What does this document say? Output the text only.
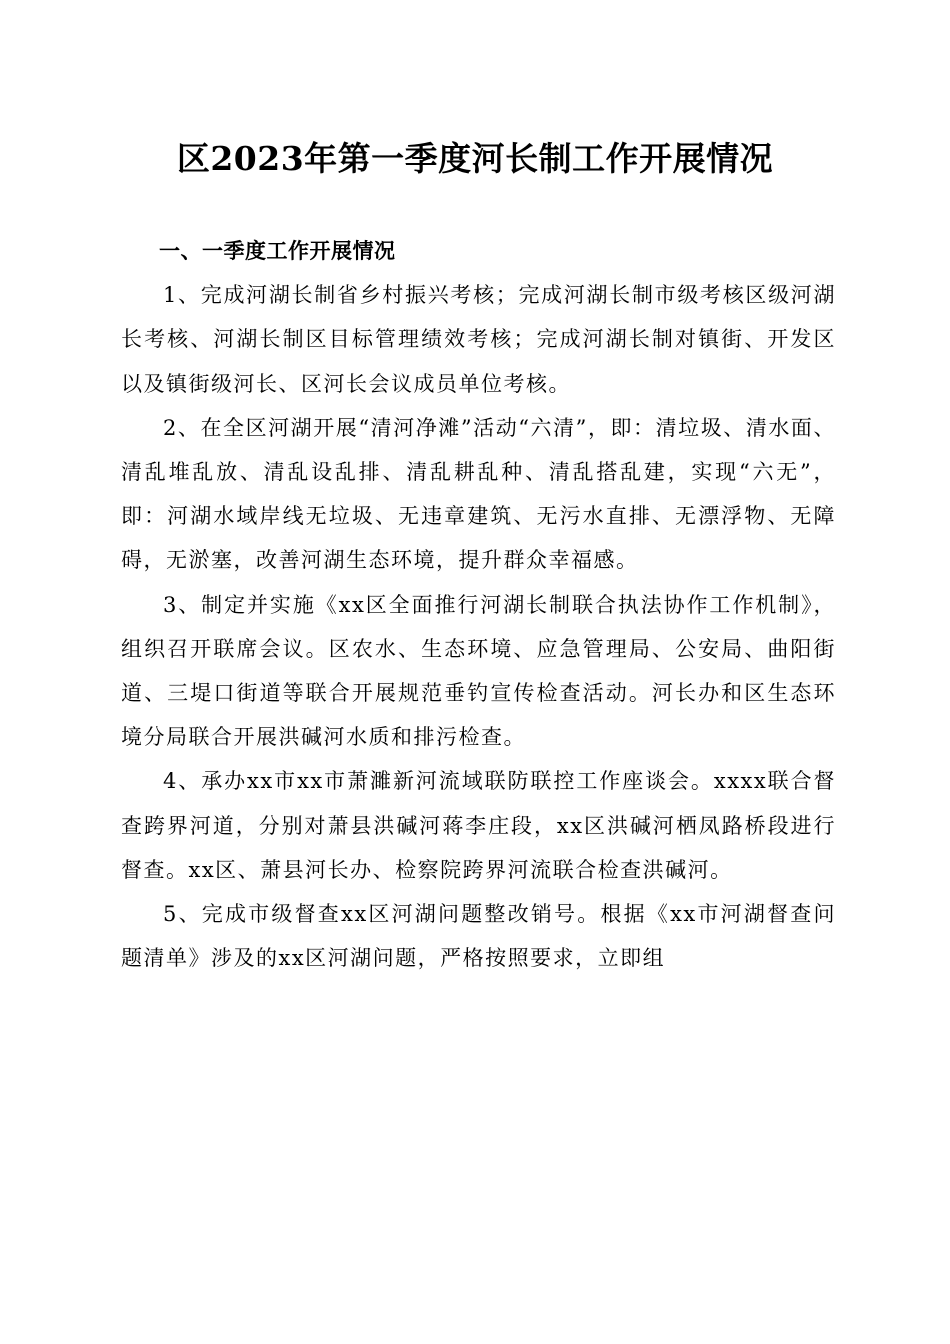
区2023年第一季度河长制工作开展情况
一、一季度工作开展情况

1、完成河湖长制省乡村振兴考核；完成河湖长制市级考核区级河湖长考核、河湖长制区目标管理绩效考核；完成河湖长制对镇街、开发区以及镇街级河长、区河长会议成员单位考核。

2、在全区河湖开展“清河净滩”活动“六清”，即：清垃圾、清水面、清乱堆乱放、清乱设乱排、清乱耕乱种、清乱搭乱建，实现“六无”，即：河湖水域岸线无垃圾、无违章建筑、无污水直排、无漂浮物、无障碍，无淤塞，改善河湖生态环境，提升群众幸福感。

3、制定并实施《xx区全面推行河湖长制联合执法协作工作机制》，组织召开联席会议。区农水、生态环境、应急管理局、公安局、曲阳街道、三堤口街道等联合开展规范垂钓宣传检查活动。河长办和区生态环境分局联合开展洪碱河水质和排污检查。

4、承办xx市xx市萧濉新河流域联防联控工作座谈会。xxxx联合督查跨界河道，分别对萧县洪碱河蒋李庄段，xx区洪碱河栖凤路桥段进行督查。xx区、萧县河长办、检察院跨界河流联合检查洪碱河。

5、完成市级督查xx区河湖问题整改销号。根据《xx市河湖督查问题清单》涉及的xx区河湖问题，严格按照要求，立即组
